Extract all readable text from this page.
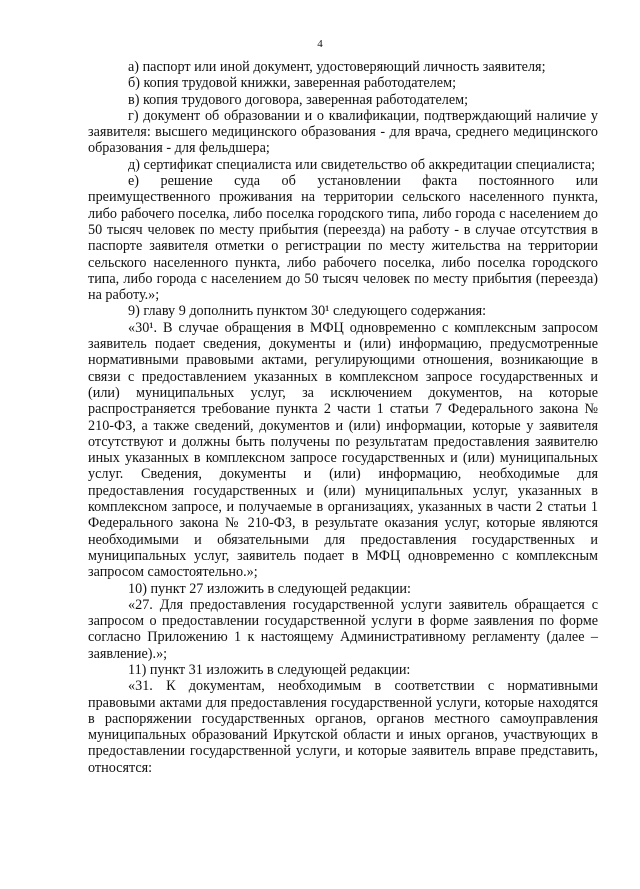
4

а) паспорт или иной документ, удостоверяющий личность заявителя;

б) копия трудовой книжки, заверенная работодателем;

в) копия трудового договора, заверенная работодателем;

г) документ об образовании и о квалификации, подтверждающий наличие у заявителя: высшего медицинского образования - для врача, среднего медицинского образования - для фельдшера;

д) сертификат специалиста или свидетельство об аккредитации специалиста;

е) решение суда об установлении факта постоянного или преимущественного проживания на территории сельского населенного пункта, либо рабочего поселка, либо поселка городского типа, либо города с населением до 50 тысяч человек по месту прибытия (переезда) на работу - в случае отсутствия в паспорте заявителя отметки о регистрации по месту жительства на территории сельского населенного пункта, либо рабочего поселка, либо поселка городского типа, либо города с населением до 50 тысяч человек по месту прибытия (переезда) на работу.»;

9) главу 9 дополнить пунктом 30¹ следующего содержания:

«30¹. В случае обращения в МФЦ одновременно с комплексным запросом заявитель подает сведения, документы и (или) информацию, предусмотренные нормативными правовыми актами, регулирующими отношения, возникающие в связи с предоставлением указанных в комплексном запросе государственных и (или) муниципальных услуг, за исключением документов, на которые распространяется требование пункта 2 части 1 статьи 7 Федерального закона № 210-ФЗ, а также сведений, документов и (или) информации, которые у заявителя отсутствуют и должны быть получены по результатам предоставления заявителю иных указанных в комплексном запросе государственных и (или) муниципальных услуг. Сведения, документы и (или) информацию, необходимые для предоставления государственных и (или) муниципальных услуг, указанных в комплексном запросе, и получаемые в организациях, указанных в части 2 статьи 1 Федерального закона № 210-ФЗ, в результате оказания услуг, которые являются необходимыми и обязательными для предоставления государственных и муниципальных услуг, заявитель подает в МФЦ одновременно с комплексным запросом самостоятельно.»;

10) пункт 27 изложить в следующей редакции:

«27. Для предоставления государственной услуги заявитель обращается с запросом о предоставлении государственной услуги в форме заявления по форме согласно Приложению 1 к настоящему Административному регламенту (далее – заявление).»;

11) пункт 31 изложить в следующей редакции:

«31. К документам, необходимым в соответствии с нормативными правовыми актами для предоставления государственной услуги, которые находятся в распоряжении государственных органов, органов местного самоуправления муниципальных образований Иркутской области и иных органов, участвующих в предоставлении государственной услуги, и которые заявитель вправе представить, относятся:
